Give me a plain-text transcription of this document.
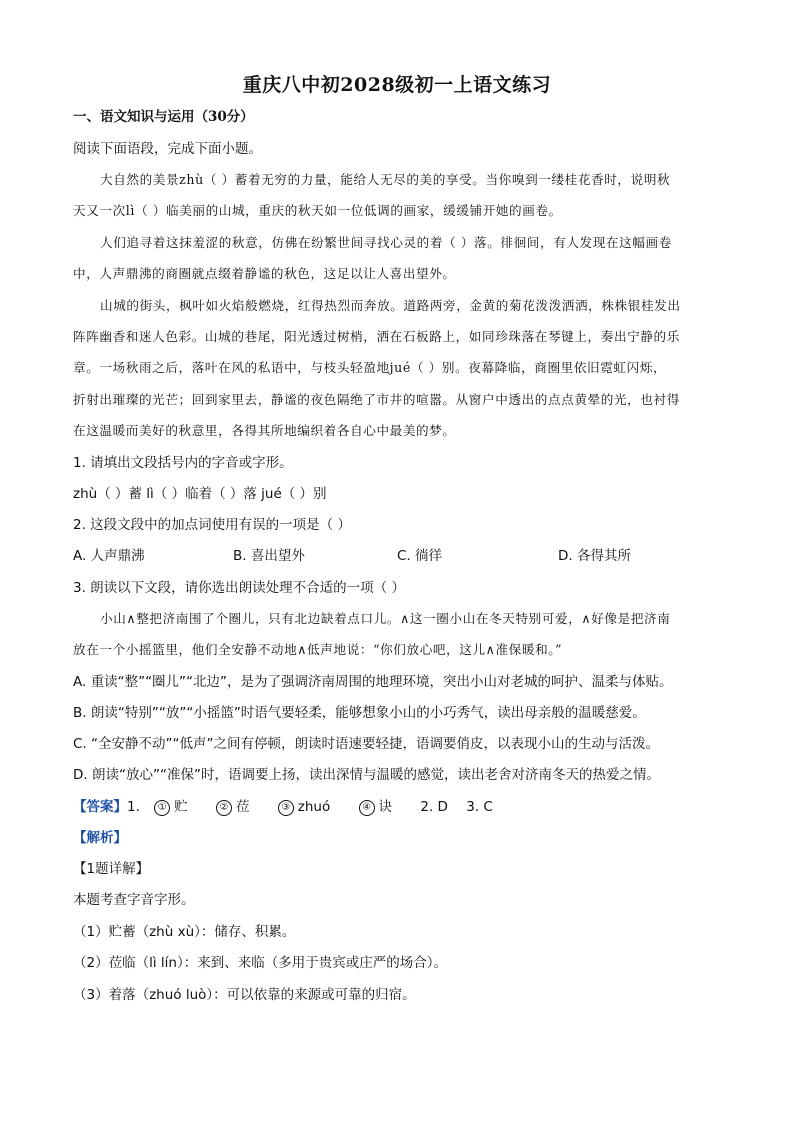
重庆八中初2028级初一上语文练习
一、语文知识与运用（30分）
阅读下面语段，完成下面小题。
大自然的美景zhù（ ）蓄着无穷的力量，能给人无尽的美的享受。当你嗅到一缕桂花香时，说明秋
天又一次lì（ ）临美丽的山城，重庆的秋天如一位低调的画家，缓缓铺开她的画卷。
人们追寻着这抹羞涩的秋意，仿佛在纷繁世间寻找心灵的着（ ）落。徘徊间，有人发现在这幅画卷
中，人声鼎沸的商圈就点缀着静谧的秋色，这足以让人喜出望外。
山城的街头，枫叶如火焰般燃烧，红得热烈而奔放。道路两旁，金黄的菊花泼泼洒洒，株株银桂发出
阵阵幽香和迷人色彩。山城的巷尾，阳光透过树梢，洒在石板路上，如同珍珠落在琴键上，奏出宁静的乐
章。一场秋雨之后，落叶在风的私语中，与枝头轻盈地jué（ ）别。夜幕降临，商圈里依旧霓虹闪烁，
折射出璀璨的光芒；回到家里去，静谧的夜色隔绝了市井的喧嚣。从窗户中透出的点点黄晕的光，也衬得
在这温暖而美好的秋意里，各得其所地编织着各自心中最美的梦。
1. 请填出文段括号内的字音或字形。
zhù（ ）蓄 lì（ ）临着（ ）落 jué（ ）别
2. 这段文段中的加点词使用有误的一项是（ ）
A. 人声鼎沸	B. 喜出望外	C. 徜徉	D. 各得其所
3. 朗读以下文段，请你选出朗读处理不合适的一项（ ）
小山∧整把济南围了个圈儿，只有北边缺着点口儿。∧这一圈小山在冬天特别可爱，∧好像是把济南
放在一个小摇篮里，他们全安静不动地∧低声地说：“你们放心吧，这儿∧准保暖和。”
A. 重读“整”“圈儿”“北边”，是为了强调济南周围的地理环境，突出小山对老城的呵护、温柔与体贴。
B. 朗读“特别”“放”“小摇篮”时语气要轻柔，能够想象小山的小巧秀气，读出母亲般的温暖慈爱。
C. “全安静不动”“低声”之间有停顿，朗读时语速要轻捷，语调要俏皮，以表现小山的生动与活泼。
D. 朗读“放心”“准保”时，语调要上扬，读出深情与温暖的感觉，读出老舍对济南冬天的热爱之情。
【答案】1. ① 贮	② 莅	③ zhuó	④ 诀 2. D 3. C
【解析】
【1题详解】
本题考查字音字形。
（1）贮蓄（zhù xù）：储存、积累。
（2）莅临（lì lín）：来到、来临（多用于贵宾或庄严的场合）。
（3）着落（zhuó luò）：可以依靠的来源或可靠的归宿。
